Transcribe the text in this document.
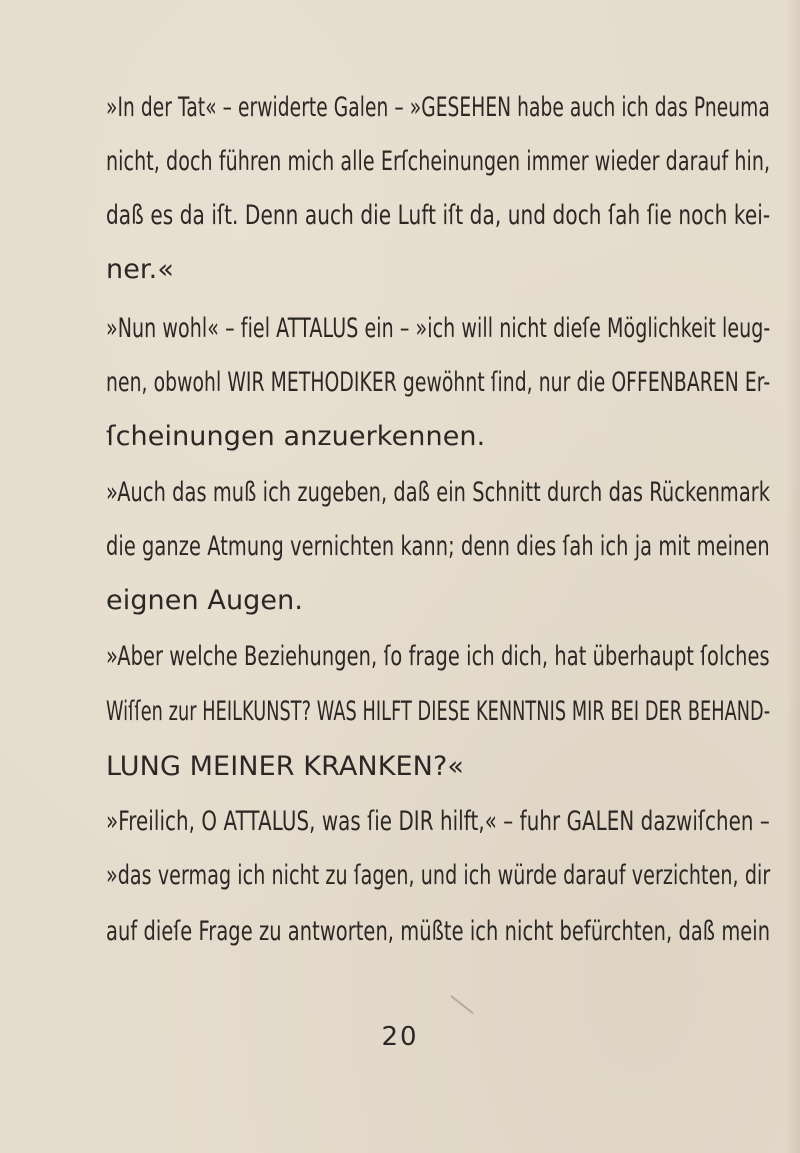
»In der Tat« – erwiderte Galen – »GESEHEN habe auch ich das Pneuma
nicht, doch führen mich alle Erſcheinungen immer wieder darauf hin,
daß es da iſt. Denn auch die Luft iſt da, und doch ſah ſie noch kei-
ner.«
»Nun wohl« – fiel ATTALUS ein – »ich will nicht dieſe Möglichkeit leug-
nen, obwohl WIR METHODIKER gewöhnt ſind, nur die OFFENBAREN Er-
ſcheinungen anzuerkennen.
»Auch das muß ich zugeben, daß ein Schnitt durch das Rückenmark
die ganze Atmung vernichten kann; denn dies ſah ich ja mit meinen
eignen Augen.
»Aber welche Beziehungen, ſo frage ich dich, hat überhaupt ſolches
Wiſſen zur HEILKUNST? WAS HILFT DIESE KENNTNIS MIR BEI DER BEHAND-
LUNG MEINER KRANKEN?«
»Freilich, O ATTALUS, was ſie DIR hilft,« – fuhr GALEN dazwiſchen –
»das vermag ich nicht zu ſagen, und ich würde darauf verzichten, dir
auf dieſe Frage zu antworten, müßte ich nicht befürchten, daß mein
20
